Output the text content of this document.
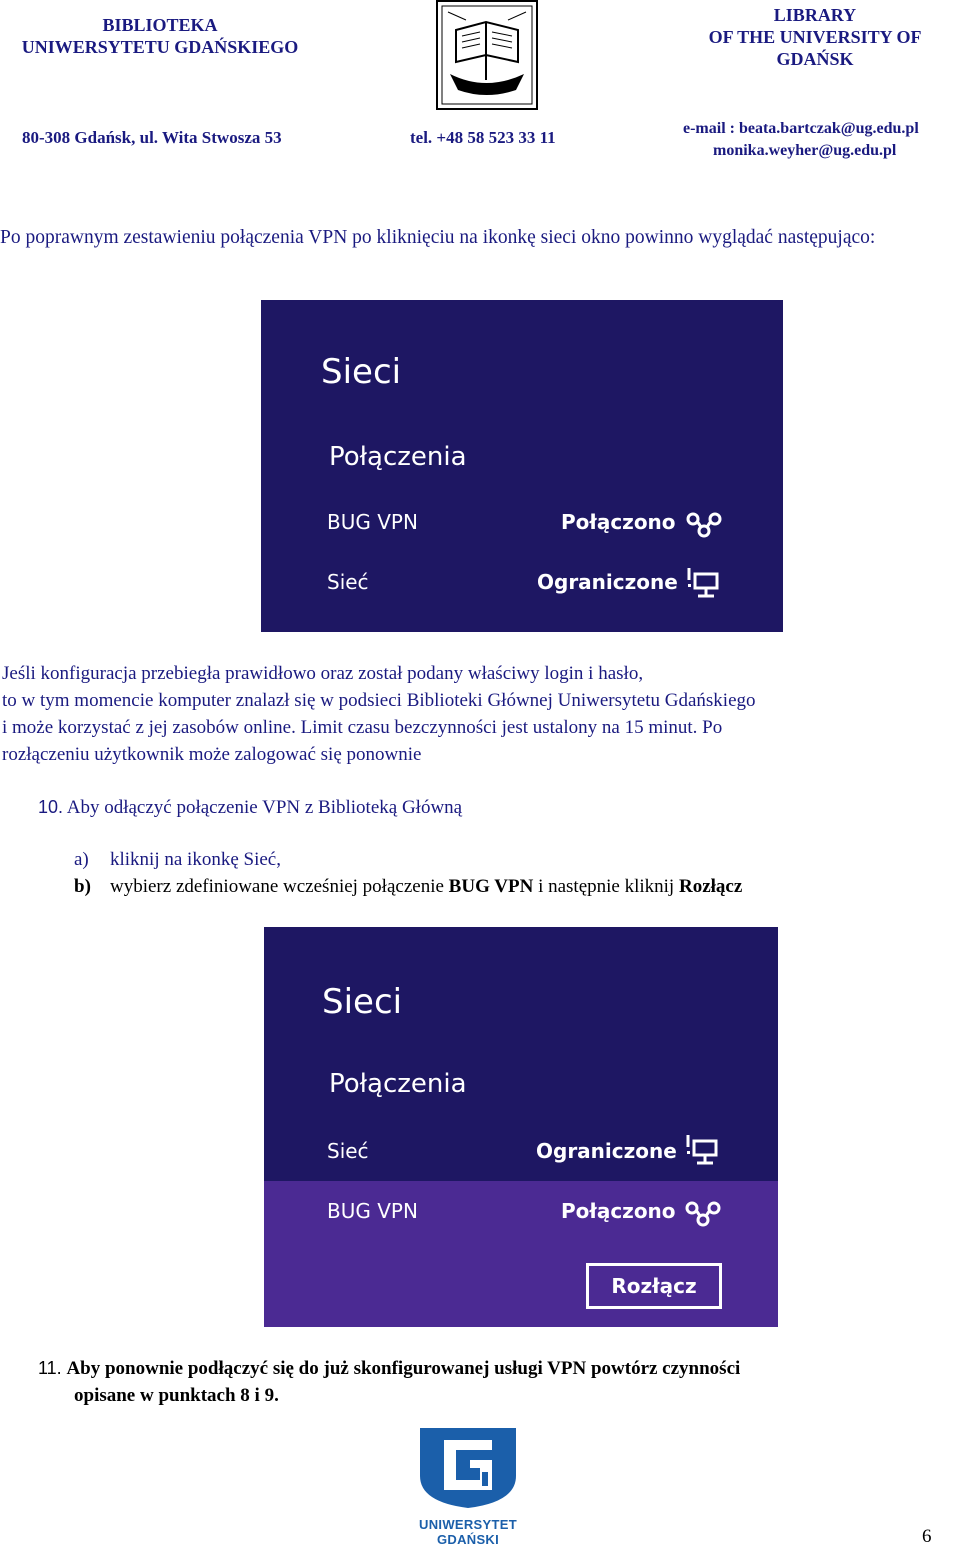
BIBLIOTEKA
UNIWERSYTETU GDAŃSKIEGO
LIBRARY
OF THE UNIVERSITY OF
GDAŃSK
80-308 Gdańsk, ul. Wita Stwosza 53	tel. +48 58 523 33 11	e-mail : beata.bartczak@ug.edu.pl
monika.weyher@ug.edu.pl
Po poprawnym zestawieniu połączenia VPN po kliknięciu na ikonkę sieci okno powinno wyglądać następująco:
Sieci
Połączenia
BUG VPN	Połączono
Sieć	Ograniczone
Jeśli konfiguracja przebiegła prawidłowo oraz został podany właściwy login i hasło,
to w tym momencie komputer znalazł się w podsieci Biblioteki Głównej Uniwersytetu Gdańskiego
i może korzystać z jej zasobów online. Limit czasu bezczynności jest ustalony na 15 minut. Po
rozłączeniu użytkownik może zalogować się ponownie
10. Aby odłączyć połączenie VPN z Biblioteką Główną
a) kliknij na ikonkę Sieć,
b) wybierz zdefiniowane wcześniej połączenie BUG VPN i następnie kliknij Rozłącz
Sieci
Połączenia
Sieć	Ograniczone
BUG VPN	Połączono
Rozłącz
11. Aby ponownie podłączyć się do już skonfigurowanej usługi VPN powtórz czynności
opisane w punktach 8 i 9.
UNIWERSYTET GDAŃSKI	6
